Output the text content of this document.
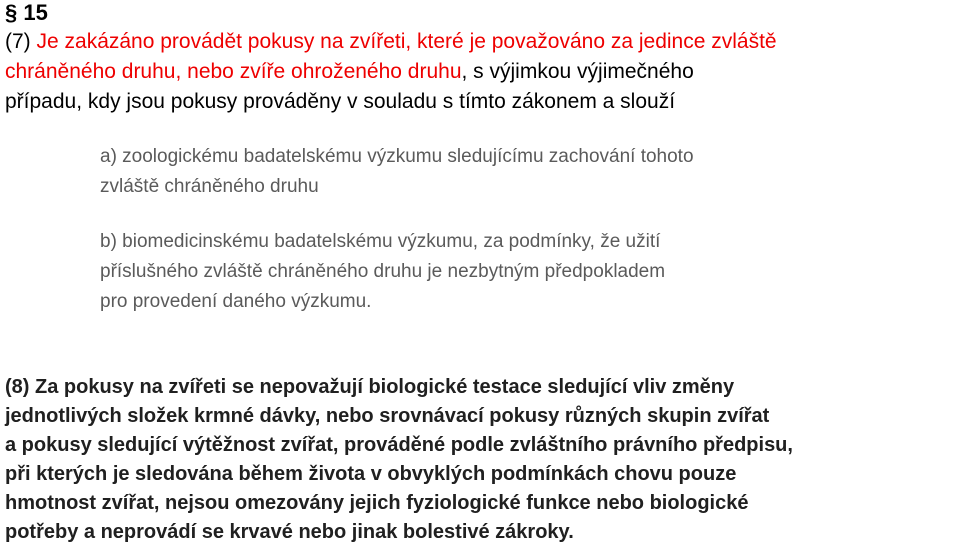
§ 15
(7) Je zakázáno provádět pokusy na zvířeti, které je považováno za jedince zvláště
chráněného druhu, nebo zvíře ohroženého druhu, s výjimkou výjimečného
případu, kdy jsou pokusy prováděny v souladu s tímto zákonem a slouží
a) zoologickému badatelskému výzkumu sledujícímu zachování tohoto
zvláště chráněného druhu
b) biomedicinskému badatelskému výzkumu, za podmínky, že užití
příslušného zvláště chráněného druhu je nezbytným předpokladem
pro provedení daného výzkumu.
(8) Za pokusy na zvířeti se nepovažují biologické testace sledující vliv změny
jednotlivých složek krmné dávky, nebo srovnávací pokusy různých skupin zvířat
a pokusy sledující výtěžnost zvířat, prováděné podle zvláštního právního předpisu,
při kterých je sledována během života v obvyklých podmínkách chovu pouze
hmotnost zvířat, nejsou omezovány jejich fyziologické funkce nebo biologické
potřeby a neprovádí se krvavé nebo jinak bolestivé zákroky.
